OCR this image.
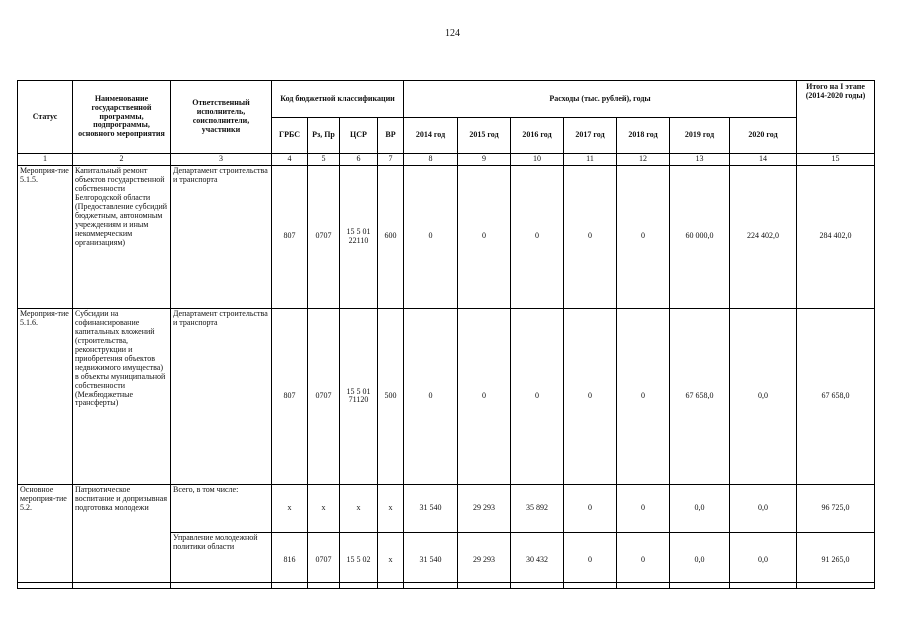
124
Статус	Наименование государственной программы, подпрограммы, основного мероприятия	Ответственный исполнитель, соисполнители, участники	Код бюджетной классификации				Расходы (тыс. рублей), годы							Итого на I этапе (2014-2020 годы)
			ГРБС	Рз, Пр	ЦСР	ВР	2014 год	2015 год	2016 год	2017 год	2018 год	2019 год	2020 год	
1	2	3	4	5	6	7	8	9	10	11	12	13	14	15
Мероприя-тие 5.1.5.	Капитальный ремонт объектов государственной собственности Белгородской области (Предоставление субсидий бюджетным, автономным учреждениям и иным некоммерческим организациям)	Департамент строительства и транспорта	807	0707	15 5 01 22110	600	0	0	0	0	0	60 000,0	224 402,0	284 402,0
Мероприя-тие 5.1.6.	Субсидии на софинансирование капитальных вложений (строительства, реконструкции и приобретения объектов недвижимого имущества) в объекты муниципальной собственности (Межбюджетные трансферты)	Департамент строительства и транспорта	807	0707	15 5 01 71120	500	0	0	0	0	0	67 658,0	0,0	67 658,0
Основное мероприя-тие 5.2.	Патриотическое воспитание и допризывная подготовка молодежи	Всего, в том числе:	x	x	x	x	31 540	29 293	35 892	0	0	0,0	0,0	96 725,0
		Управление молодежной политики области	816	0707	15 5 02	x	31 540	29 293	30 432	0	0	0,0	0,0	91 265,0
